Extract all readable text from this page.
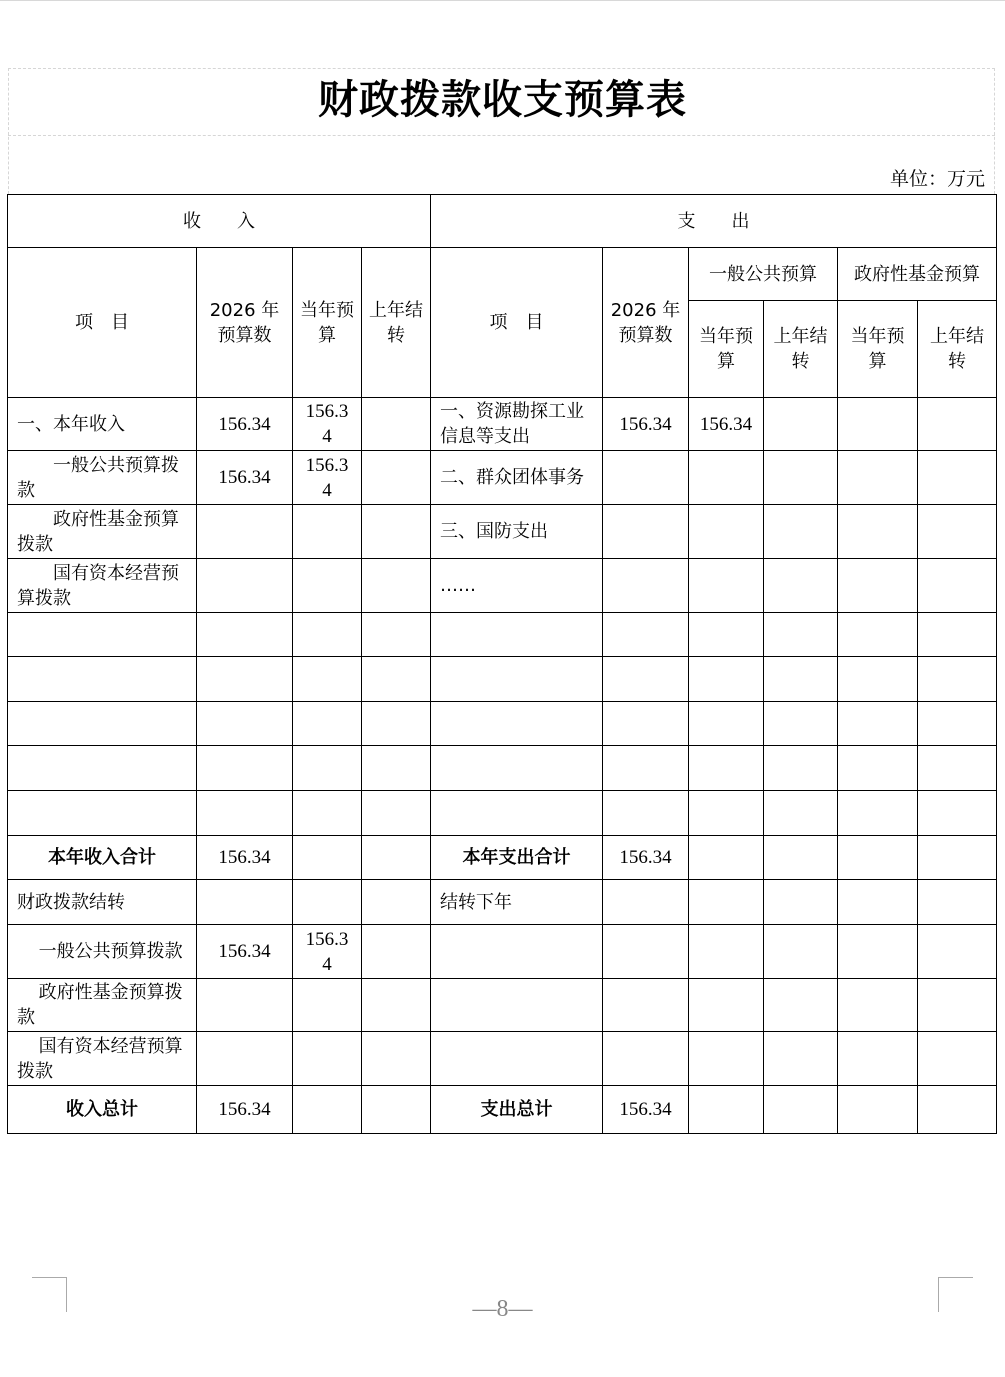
财政拨款收支预算表
单位：万元
收　　入				支　　出					
项　目	2026 年预算数	当年预算	上年结转	项　目	2026 年预算数	一般公共预算		政府性基金预算	
						当年预算	上年结转	当年预算	上年结转
一、本年收入	156.34	156.34		一、资源勘探工业信息等支出	156.34	156.34			
一般公共预算拨款	156.34	156.34		二、群众团体事务					
政府性基金预算拨款				三、国防支出					
国有资本经营预算拨款				……					

本年收入合计	156.34			本年支出合计	156.34				
财政拨款结转				结转下年					
一般公共预算拨款	156.34	156.34							
政府性基金预算拨款									
国有资本经营预算拨款									
收入总计	156.34			支出总计	156.34				
—8—
